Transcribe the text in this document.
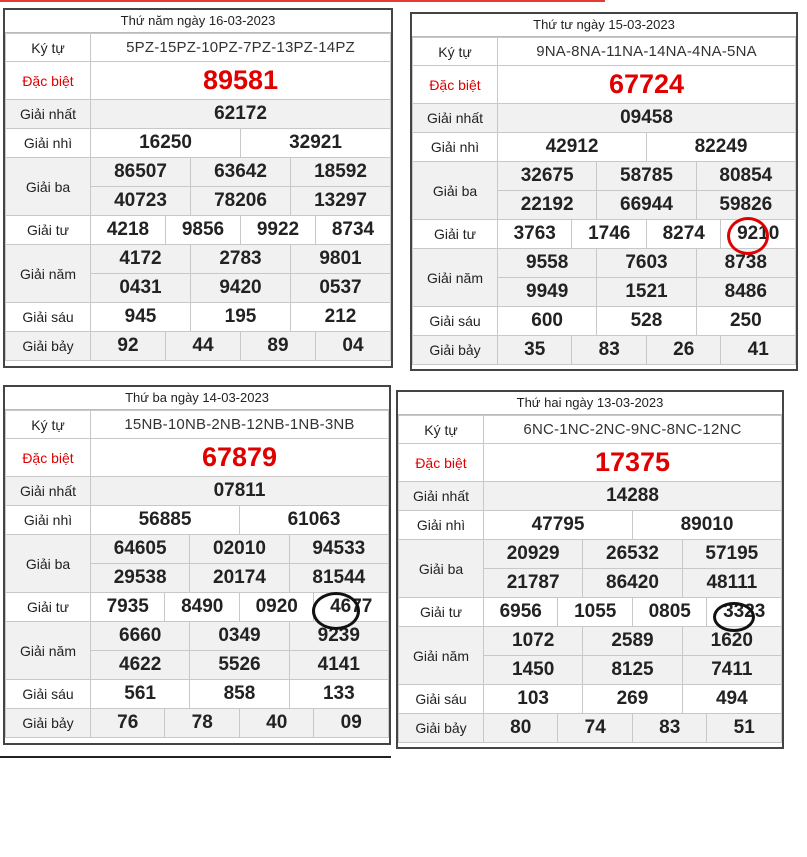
Thứ năm ngày 16-03-2023
Ký tự	5PZ-15PZ-10PZ-7PZ-13PZ-14PZ					
Đặc biệt	89581					
Giải nhất	62172					
Giải nhì	16250			32921		
Giải ba	86507		63642		18592	
	40723		78206		13297	
Giải tư	4218	9856		9922		8734
Giải năm	4172		2783		9801	
	0431		9420		0537	
Giải sáu	945		195		212	
Giải bảy	92	44		89		04
Thứ tư ngày 15-03-2023
Ký tự	9NA-8NA-11NA-14NA-4NA-5NA					
Đặc biệt	67724					
Giải nhất	09458					
Giải nhì	42912			82249		
Giải ba	32675		58785		80854	
	22192		66944		59826	
Giải tư	3763	1746		8274		9210
Giải năm	9558		7603		8738	
	9949		1521		8486	
Giải sáu	600		528		250	
Giải bảy	35	83		26		41
Thứ ba ngày 14-03-2023
Ký tự	15NB-10NB-2NB-12NB-1NB-3NB					
Đặc biệt	67879					
Giải nhất	07811					
Giải nhì	56885			61063		
Giải ba	64605		02010		94533	
	29538		20174		81544	
Giải tư	7935	8490		0920		4677
Giải năm	6660		0349		9239	
	4622		5526		4141	
Giải sáu	561		858		133	
Giải bảy	76	78		40		09
Thứ hai ngày 13-03-2023
Ký tự	6NC-1NC-2NC-9NC-8NC-12NC					
Đặc biệt	17375					
Giải nhất	14288					
Giải nhì	47795			89010		
Giải ba	20929		26532		57195	
	21787		86420		48111	
Giải tư	6956	1055		0805		3323
Giải năm	1072		2589		1620	
	1450		8125		7411	
Giải sáu	103		269		494	
Giải bảy	80	74		83		51
